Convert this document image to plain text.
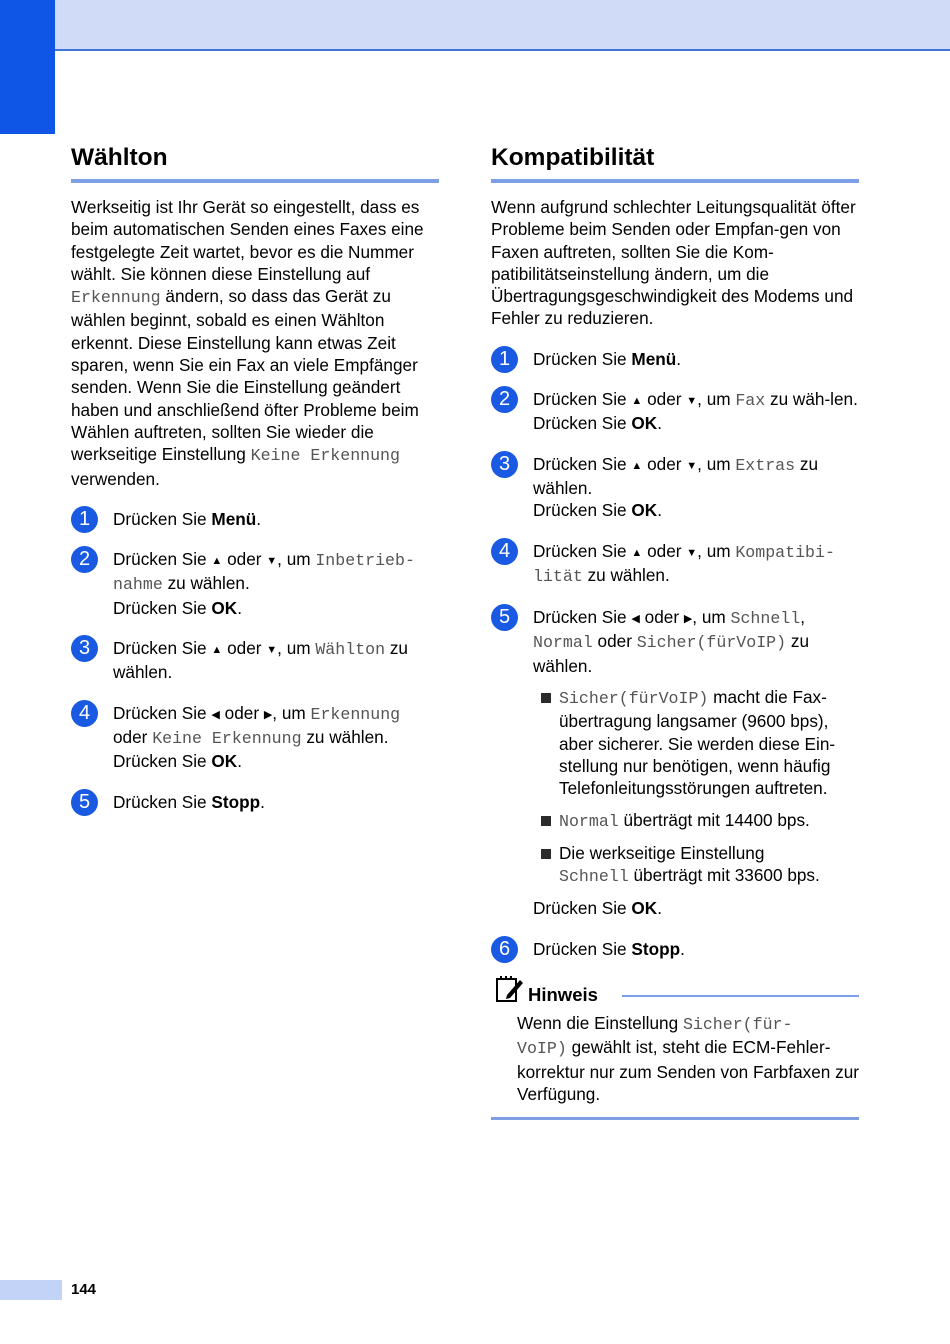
Wählton

Werkseitig ist Ihr Gerät so eingestellt, dass es beim automatischen Senden eines Faxes eine festgelegte Zeit wartet, bevor es die Nummer wählt. Sie können diese Einstellung auf Erkennung ändern, so dass das Gerät zu wählen beginnt, sobald es einen Wählton erkennt. Diese Einstellung kann etwas Zeit sparen, wenn Sie ein Fax an viele Empfänger senden. Wenn Sie die Einstellung geändert haben und anschließend öfter Probleme beim Wählen auftreten, sollten Sie wieder die werkseitige Einstellung Keine Erkennung verwenden.

1	Drücken Sie Menü.
2	Drücken Sie ▲ oder ▼, um Inbetrieb-
nahme zu wählen.
Drücken Sie OK.
3	Drücken Sie ▲ oder ▼, um Wählton zu wählen.
4	Drücken Sie ◀ oder ▶, um Erkennung
oder Keine Erkennung zu wählen.
Drücken Sie OK.
5	Drücken Sie Stopp.
Kompatibilität

Wenn aufgrund schlechter Leitungsqualität öfter Probleme beim Senden oder Empfan-gen von Faxen auftreten, sollten Sie die Kom-patibilitätseinstellung ändern, um die Übertragungsgeschwindigkeit des Modems und Fehler zu reduzieren.

1	Drücken Sie Menü.
2	Drücken Sie ▲ oder ▼, um Fax zu wäh-len.
Drücken Sie OK.
3	Drücken Sie ▲ oder ▼, um Extras zu wählen.
Drücken Sie OK.
4	Drücken Sie ▲ oder ▼, um Kompatibi-
lität zu wählen.
5	Drücken Sie ◀ oder ▶, um Schnell,
Normal oder Sicher(fürVoIP) zu wählen.
Sicher(fürVoIP) macht die Fax-übertragung langsamer (9600 bps), aber sicherer. Sie werden diese Ein-stellung nur benötigen, wenn häufig Telefonleitungsstörungen auftreten.
Normal überträgt mit 14400 bps.
Die werkseitige Einstellung
Schnell überträgt mit 33600 bps.
Drücken Sie OK.
6	Drücken Sie Stopp.
Hinweis
Wenn die Einstellung Sicher(für-
VoIP) gewählt ist, steht die ECM-Fehler-korrektur nur zum Senden von Farbfaxen zur Verfügung.
144
